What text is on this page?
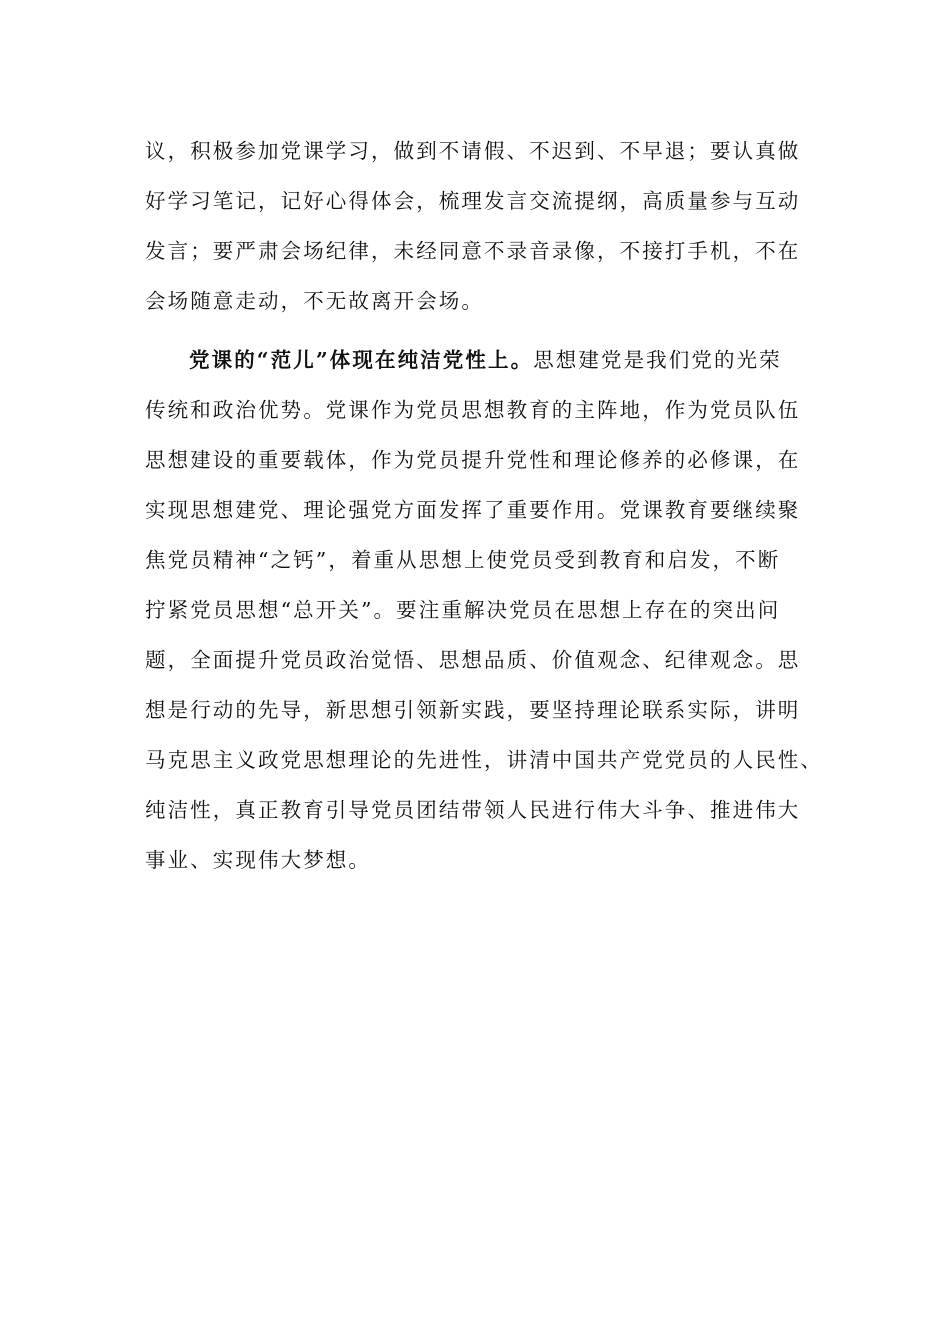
议，积极参加党课学习，做到不请假、不迟到、不早退；要认真做
好学习笔记，记好心得体会，梳理发言交流提纲，高质量参与互动
发言；要严肃会场纪律，未经同意不录音录像，不接打手机，不在
会场随意走动，不无故离开会场。
党课的“范儿”体现在纯洁党性上。思想建党是我们党的光荣
传统和政治优势。党课作为党员思想教育的主阵地，作为党员队伍
思想建设的重要载体，作为党员提升党性和理论修养的必修课，在
实现思想建党、理论强党方面发挥了重要作用。党课教育要继续聚
焦党员精神“之钙”，着重从思想上使党员受到教育和启发，不断
拧紧党员思想“总开关”。要注重解决党员在思想上存在的突出问
题，全面提升党员政治觉悟、思想品质、价值观念、纪律观念。思
想是行动的先导，新思想引领新实践，要坚持理论联系实际，讲明
马克思主义政党思想理论的先进性，讲清中国共产党党员的人民性、
纯洁性，真正教育引导党员团结带领人民进行伟大斗争、推进伟大
事业、实现伟大梦想。
